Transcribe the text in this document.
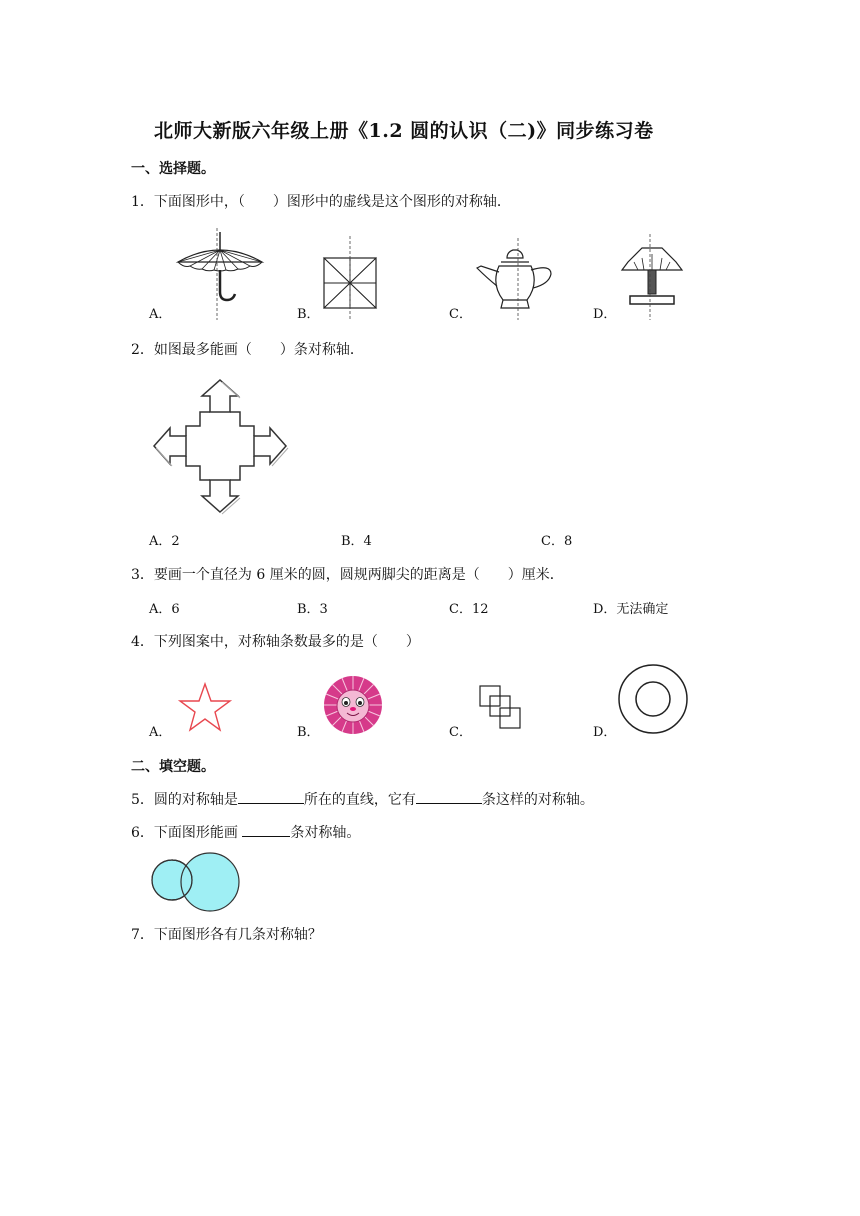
北师大新版六年级上册《1.2 圆的认识（二)》同步练习卷
一、选择题。
1．下面图形中，（　　）图形中的虚线是这个图形的对称轴．
A．	B．	C．	D．
2．如图最多能画（　　）条对称轴．
A．2	B．4	C．8
3．要画一个直径为 6 厘米的圆，圆规两脚尖的距离是（　　）厘米．
A．6	B．3	C．12	D．无法确定
4．下列图案中，对称轴条数最多的是（　　）
A．	B．	C．	D．
二、填空题。
5．圆的对称轴是	所在的直线，它有	条这样的对称轴。
6．下面图形能画	条对称轴。
7．下面图形各有几条对称轴？
